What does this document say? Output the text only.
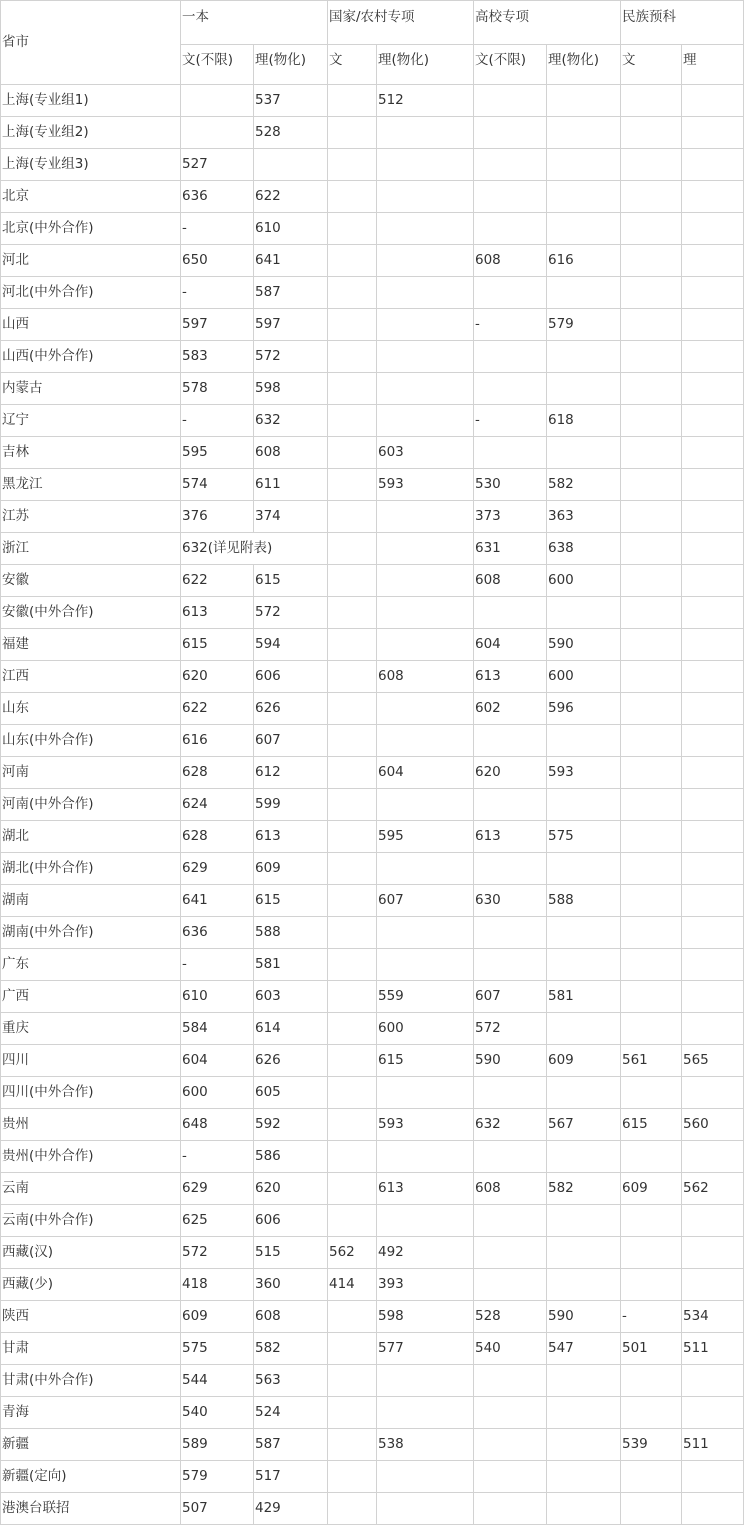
省市	一本		国家/农村专项		高校专项		民族预科	
	文(不限)	理(物化)	文	理(物化)	文(不限)	理(物化)	文	理
上海(专业组1)		537		512				
上海(专业组2)		528						
上海(专业组3)	527							
北京	636	622						
北京(中外合作)	-	610						
河北	650	641			608	616		
河北(中外合作)	-	587						
山西	597	597			-	579		
山西(中外合作)	583	572						
内蒙古	578	598						
辽宁	-	632			-	618		
吉林	595	608		603				
黑龙江	574	611		593	530	582		
江苏	376	374			373	363		
浙江	632(详见附表)				631	638		
安徽	622	615			608	600		
安徽(中外合作)	613	572						
福建	615	594			604	590		
江西	620	606		608	613	600		
山东	622	626			602	596		
山东(中外合作)	616	607						
河南	628	612		604	620	593		
河南(中外合作)	624	599						
湖北	628	613		595	613	575		
湖北(中外合作)	629	609						
湖南	641	615		607	630	588		
湖南(中外合作)	636	588						
广东	-	581						
广西	610	603		559	607	581		
重庆	584	614		600	572			
四川	604	626		615	590	609	561	565
四川(中外合作)	600	605						
贵州	648	592		593	632	567	615	560
贵州(中外合作)	-	586						
云南	629	620		613	608	582	609	562
云南(中外合作)	625	606						
西藏(汉)	572	515	562	492				
西藏(少)	418	360	414	393				
陕西	609	608		598	528	590	-	534
甘肃	575	582		577	540	547	501	511
甘肃(中外合作)	544	563						
青海	540	524						
新疆	589	587		538			539	511
新疆(定向)	579	517						
港澳台联招	507	429						
